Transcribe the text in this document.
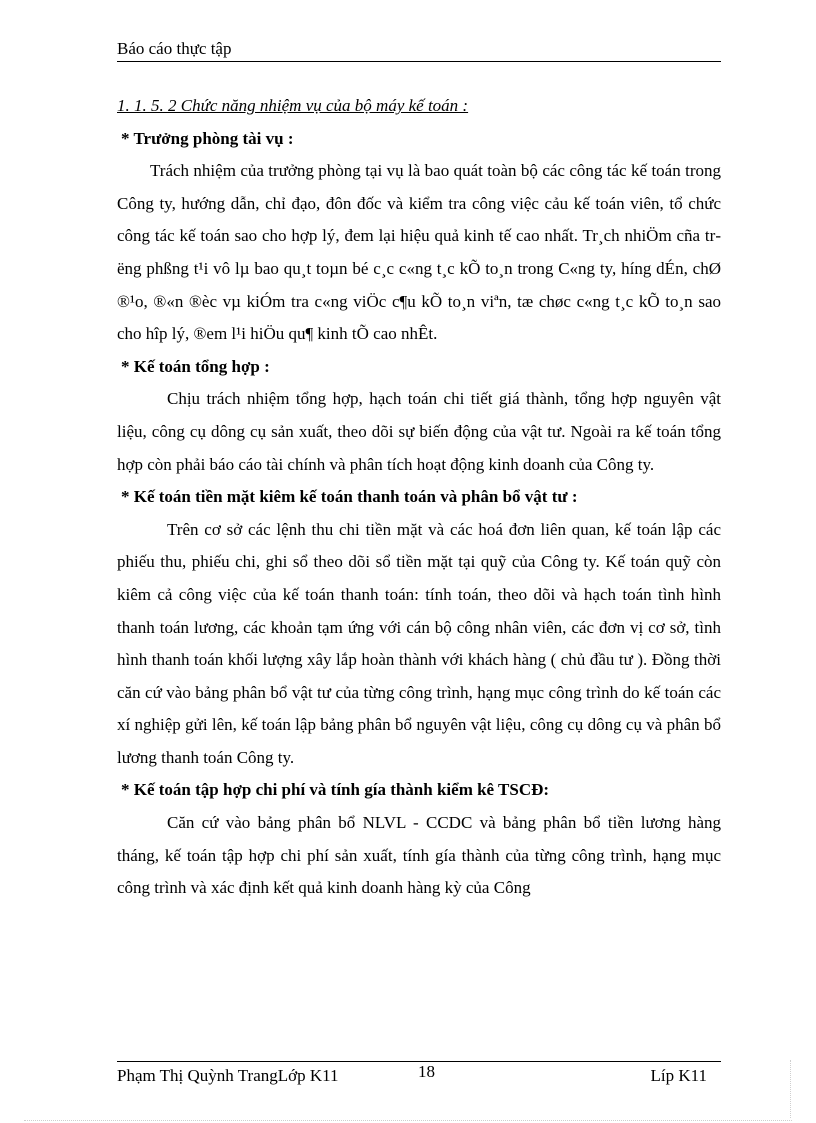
Báo cáo thực tập

1. 1. 5. 2 Chức năng nhiệm vụ của bộ máy kế toán :

* Trưởng phòng tài vụ :

Trách nhiệm của trưởng phòng tại vụ là bao quát toàn bộ các công tác kế toán trong Công ty, hướng dẫn, chỉ đạo, đôn đốc và kiểm tra công việc cảu kế toán viên, tổ chức công tác kế toán sao cho hợp lý, đem lại hiệu quả kinh tế cao nhất. Tr¸ch nhiÖm cña trëng phßng t¹i vô lµ bao qu¸t toµn bé c¸c c«ng t¸c kÕ to¸n trong C«ng ty, híng dÉn, chØ ®¹o, ®«n ®èc vµ kiÓm tra c«ng viÖc c¶u kÕ to¸n viªn, tæ chøc c«ng t¸c kÕ to¸n sao cho hîp lý, ®em l¹i hiÖu qu¶ kinh tÕ cao nhÊt.

* Kế toán tổng hợp :

Chịu trách nhiệm tổng hợp, hạch toán chi tiết giá thành, tổng hợp nguyên vật liệu, công cụ dông cụ sản xuất, theo dõi sự biến động của vật tư. Ngoài ra kế toán tổng hợp còn phải báo cáo tài chính và phân tích hoạt động kinh doanh của Công ty.

* Kế toán tiền mặt kiêm kế toán thanh toán và phân bổ vật tư :

Trên cơ sở các lệnh thu chi tiền mặt và các hoá đơn liên quan, kế toán lập các phiếu thu, phiếu chi, ghi sổ theo dõi sổ tiền mặt tại quỹ của Công ty. Kế toán quỹ còn kiêm cả công việc của kế toán thanh toán: tính toán, theo dõi và hạch toán tình hình thanh toán lương, các khoản tạm ứng với cán bộ công nhân viên, các đơn vị cơ sở, tình hình thanh toán khối lượng xây lắp hoàn thành với khách hàng ( chủ đầu tư ). Đồng thời căn cứ vào bảng phân bổ vật tư của từng công trình, hạng mục công trình do kế toán các xí nghiệp gửi lên, kế toán lập bảng phân bổ nguyên vật liệu, công cụ dông cụ và phân bổ lương thanh toán Công ty.

* Kế toán tập hợp chi phí và tính gía thành kiểm kê TSCĐ:

Căn cứ vào bảng phân bổ NLVL - CCDC và bảng phân bổ tiền lương hàng tháng, kế toán tập hợp chi phí sản xuất, tính gía thành của từng công trình, hạng mục công trình và xác định kết quả kinh doanh hàng kỳ của Công

Phạm Thị Quỳnh TrangLớp K11	18	Líp K11
